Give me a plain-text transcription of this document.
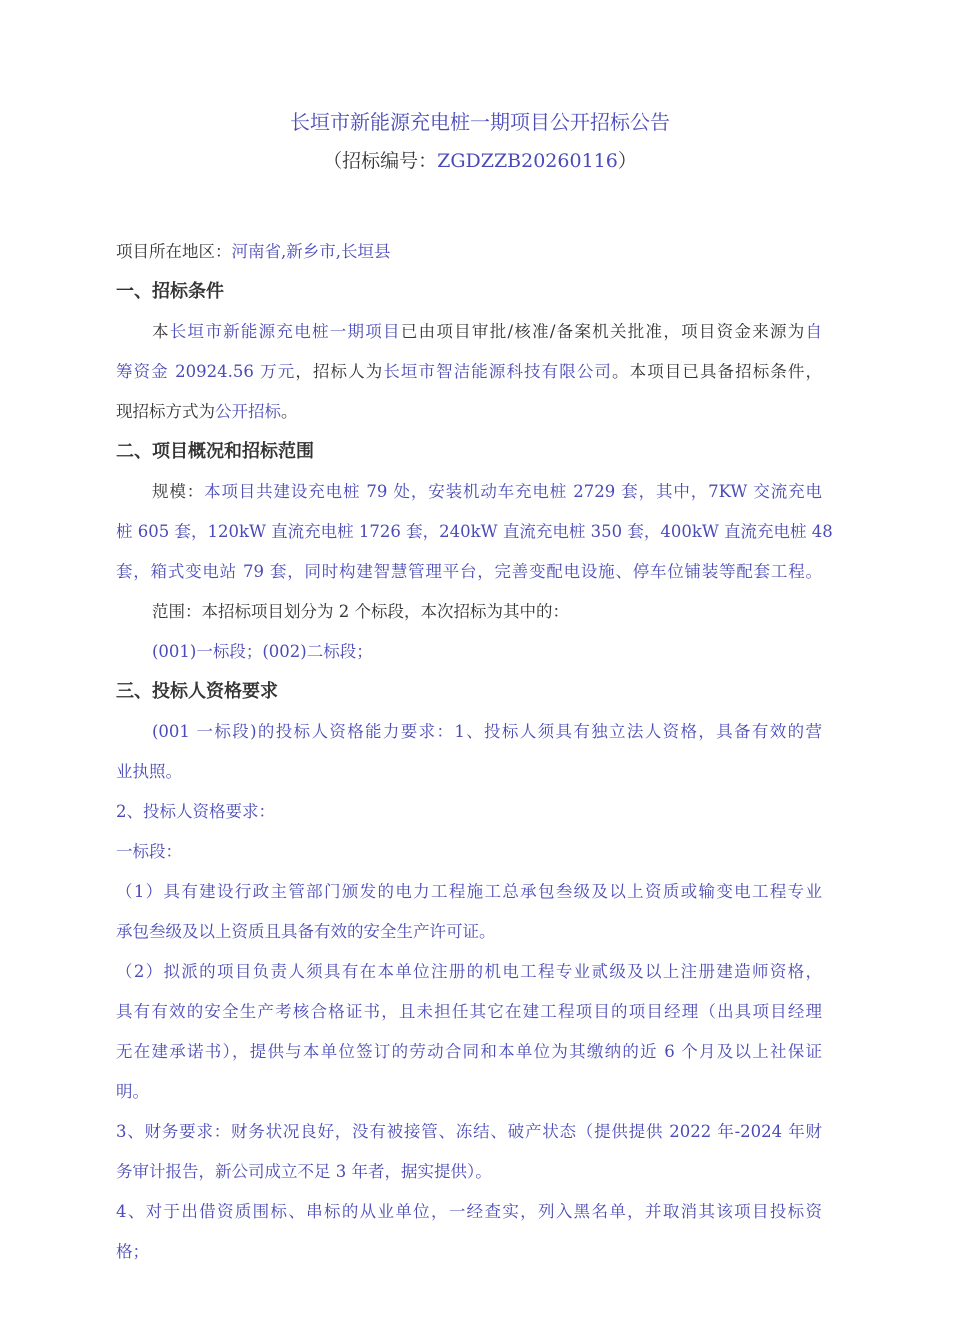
长垣市新能源充电桩一期项目公开招标公告
（招标编号：ZGDZZB20260116）
项目所在地区：河南省,新乡市,长垣县
一、招标条件
本长垣市新能源充电桩一期项目已由项目审批/核准/备案机关批准，项目资金来源为自
筹资金 20924.56 万元，招标人为长垣市智洁能源科技有限公司。本项目已具备招标条件，
现招标方式为公开招标。
二、项目概况和招标范围
规模：本项目共建设充电桩 79 处，安装机动车充电桩 2729 套，其中，7KW 交流充电
桩 605 套，120kW 直流充电桩 1726 套，240kW 直流充电桩 350 套，400kW 直流充电桩 48
套，箱式变电站 79 套，同时构建智慧管理平台，完善变配电设施、停车位铺装等配套工程。
范围：本招标项目划分为 2 个标段，本次招标为其中的：
(001)一标段；(002)二标段；
三、投标人资格要求
(001 一标段)的投标人资格能力要求：1、投标人须具有独立法人资格，具备有效的营
业执照。
2、投标人资格要求：
一标段：
（1）具有建设行政主管部门颁发的电力工程施工总承包叁级及以上资质或输变电工程专业
承包叁级及以上资质且具备有效的安全生产许可证。
（2）拟派的项目负责人须具有在本单位注册的机电工程专业贰级及以上注册建造师资格，
具有有效的安全生产考核合格证书，且未担任其它在建工程项目的项目经理（出具项目经理
无在建承诺书），提供与本单位签订的劳动合同和本单位为其缴纳的近 6 个月及以上社保证
明。
3、财务要求：财务状况良好，没有被接管、冻结、破产状态（提供提供 2022 年-2024 年财
务审计报告，新公司成立不足 3 年者，据实提供）。
4、对于出借资质围标、串标的从业单位，一经查实，列入黑名单，并取消其该项目投标资
格；
